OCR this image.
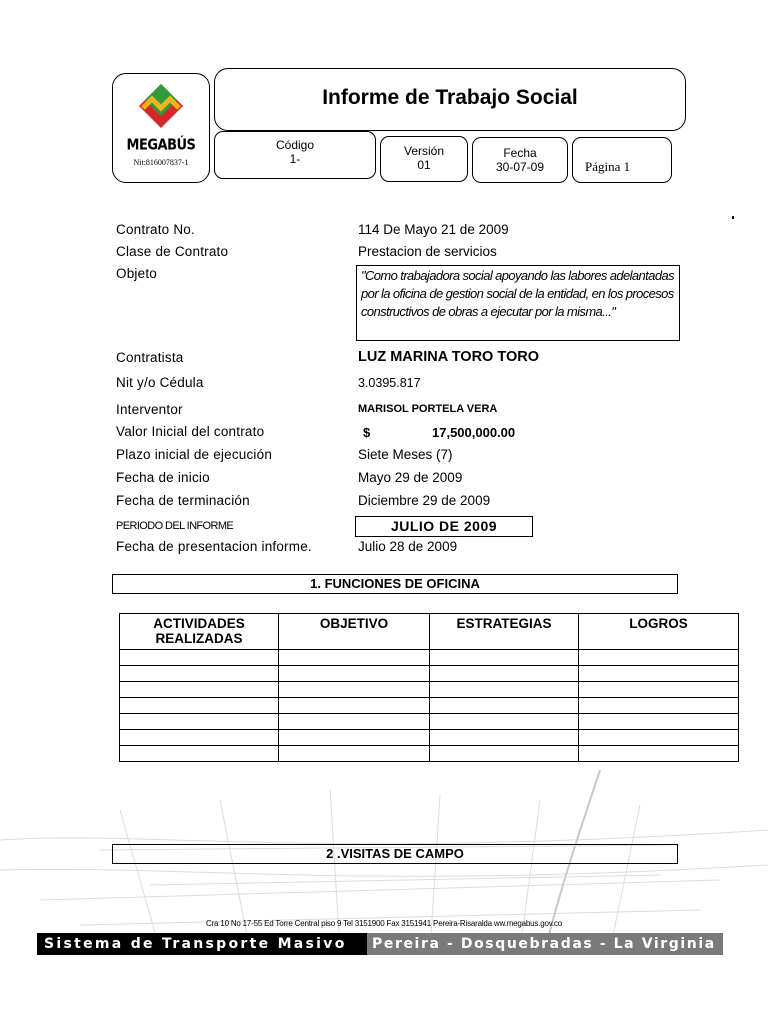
MEGABÚS
Nit:816007837-1
Informe de Trabajo Social
Código
1-
Versión
01
Fecha
30-07-09	Página 1
Contrato No.	114 De Mayo 21 de 2009
Clase de Contrato	Prestacion de servicios
Objeto	"Como trabajadora social apoyando las labores adelantadas por la oficina de gestion social de la entidad, en los procesos constructivos de obras a ejecutar por la misma..."
Contratista	LUZ MARINA TORO TORO
Nit y/o Cédula	3.0395.817
Interventor	MARISOL PORTELA VERA
Valor Inicial del contrato	$	17,500,000.00
Plazo inicial de ejecución	Siete Meses (7)
Fecha de inicio	Mayo 29 de 2009
Fecha de terminación	Diciembre 29 de 2009
PERIODO DEL INFORME	JULIO DE 2009
Fecha de presentacion informe.	Julio 28 de 2009
1. FUNCIONES DE OFICINA
ACTIVIDADES REALIZADAS	OBJETIVO	ESTRATEGIAS	LOGROS

2 .VISITAS DE CAMPO
Cra 10 No 17-55 Ed Torre Central piso 9 Tel 3151900 Fax 3151941 Pereira-Risaralda ww.megabus.gov.co
Sistema de Transporte Masivo Pereira - Dosquebradas - La Virginia
